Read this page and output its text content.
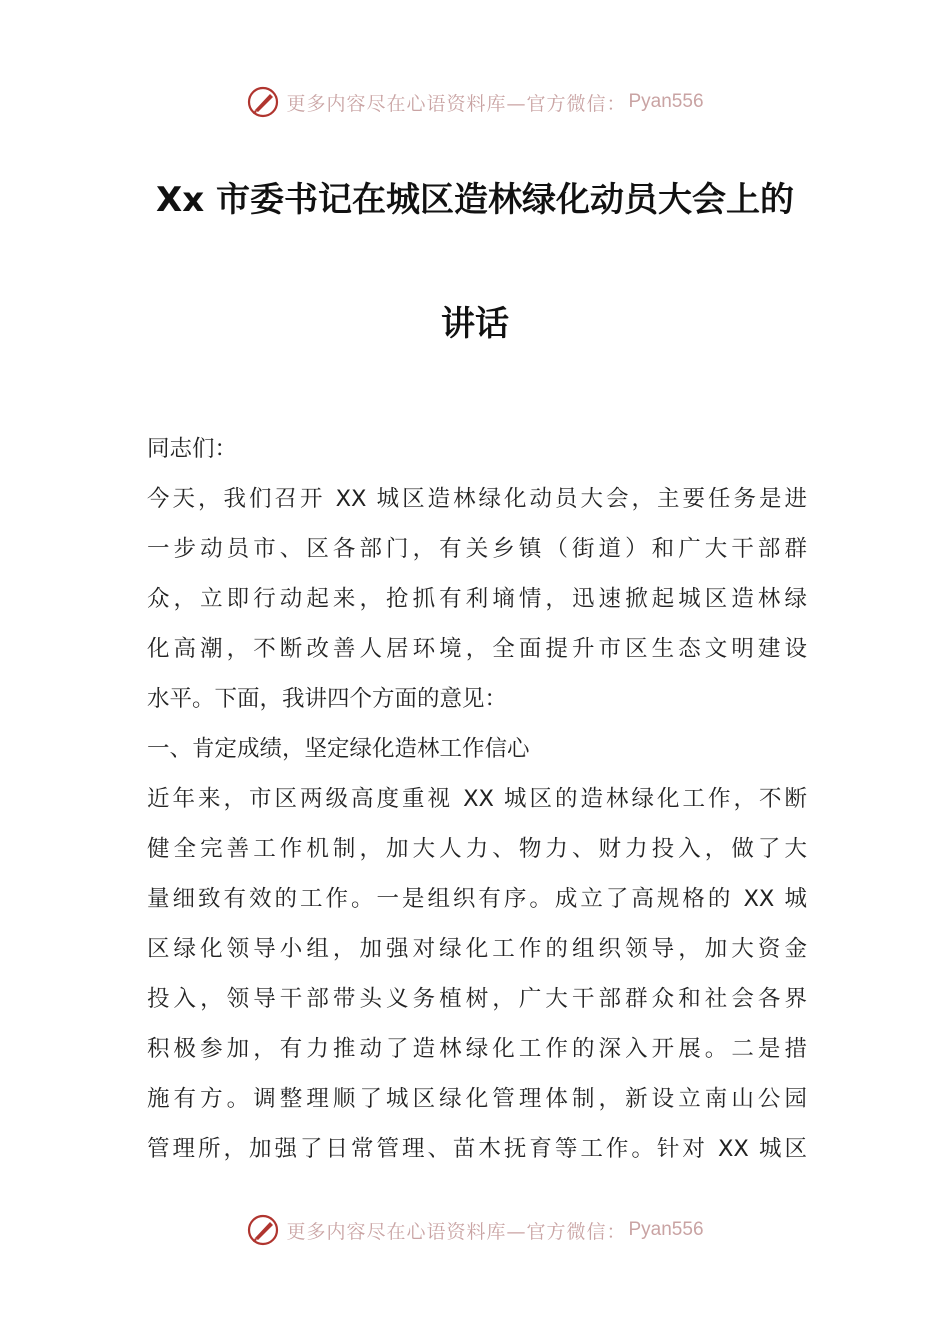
更多内容尽在心语资料库—官方微信： Pyan556
Xx 市委书记在城区造林绿化动员大会上的
讲话
同志们：
今天，我们召开 XX 城区造林绿化动员大会，主要任务是进
一步动员市、区各部门，有关乡镇（街道）和广大干部群
众，立即行动起来，抢抓有利墒情，迅速掀起城区造林绿
化高潮，不断改善人居环境，全面提升市区生态文明建设
水平。下面，我讲四个方面的意见：
一、肯定成绩，坚定绿化造林工作信心
近年来，市区两级高度重视 XX 城区的造林绿化工作，不断
健全完善工作机制，加大人力、物力、财力投入，做了大
量细致有效的工作。一是组织有序。成立了高规格的 XX 城
区绿化领导小组，加强对绿化工作的组织领导，加大资金
投入，领导干部带头义务植树，广大干部群众和社会各界
积极参加，有力推动了造林绿化工作的深入开展。二是措
施有方。调整理顺了城区绿化管理体制，新设立南山公园
管理所，加强了日常管理、苗木抚育等工作。针对 XX 城区
更多内容尽在心语资料库—官方微信： Pyan556
